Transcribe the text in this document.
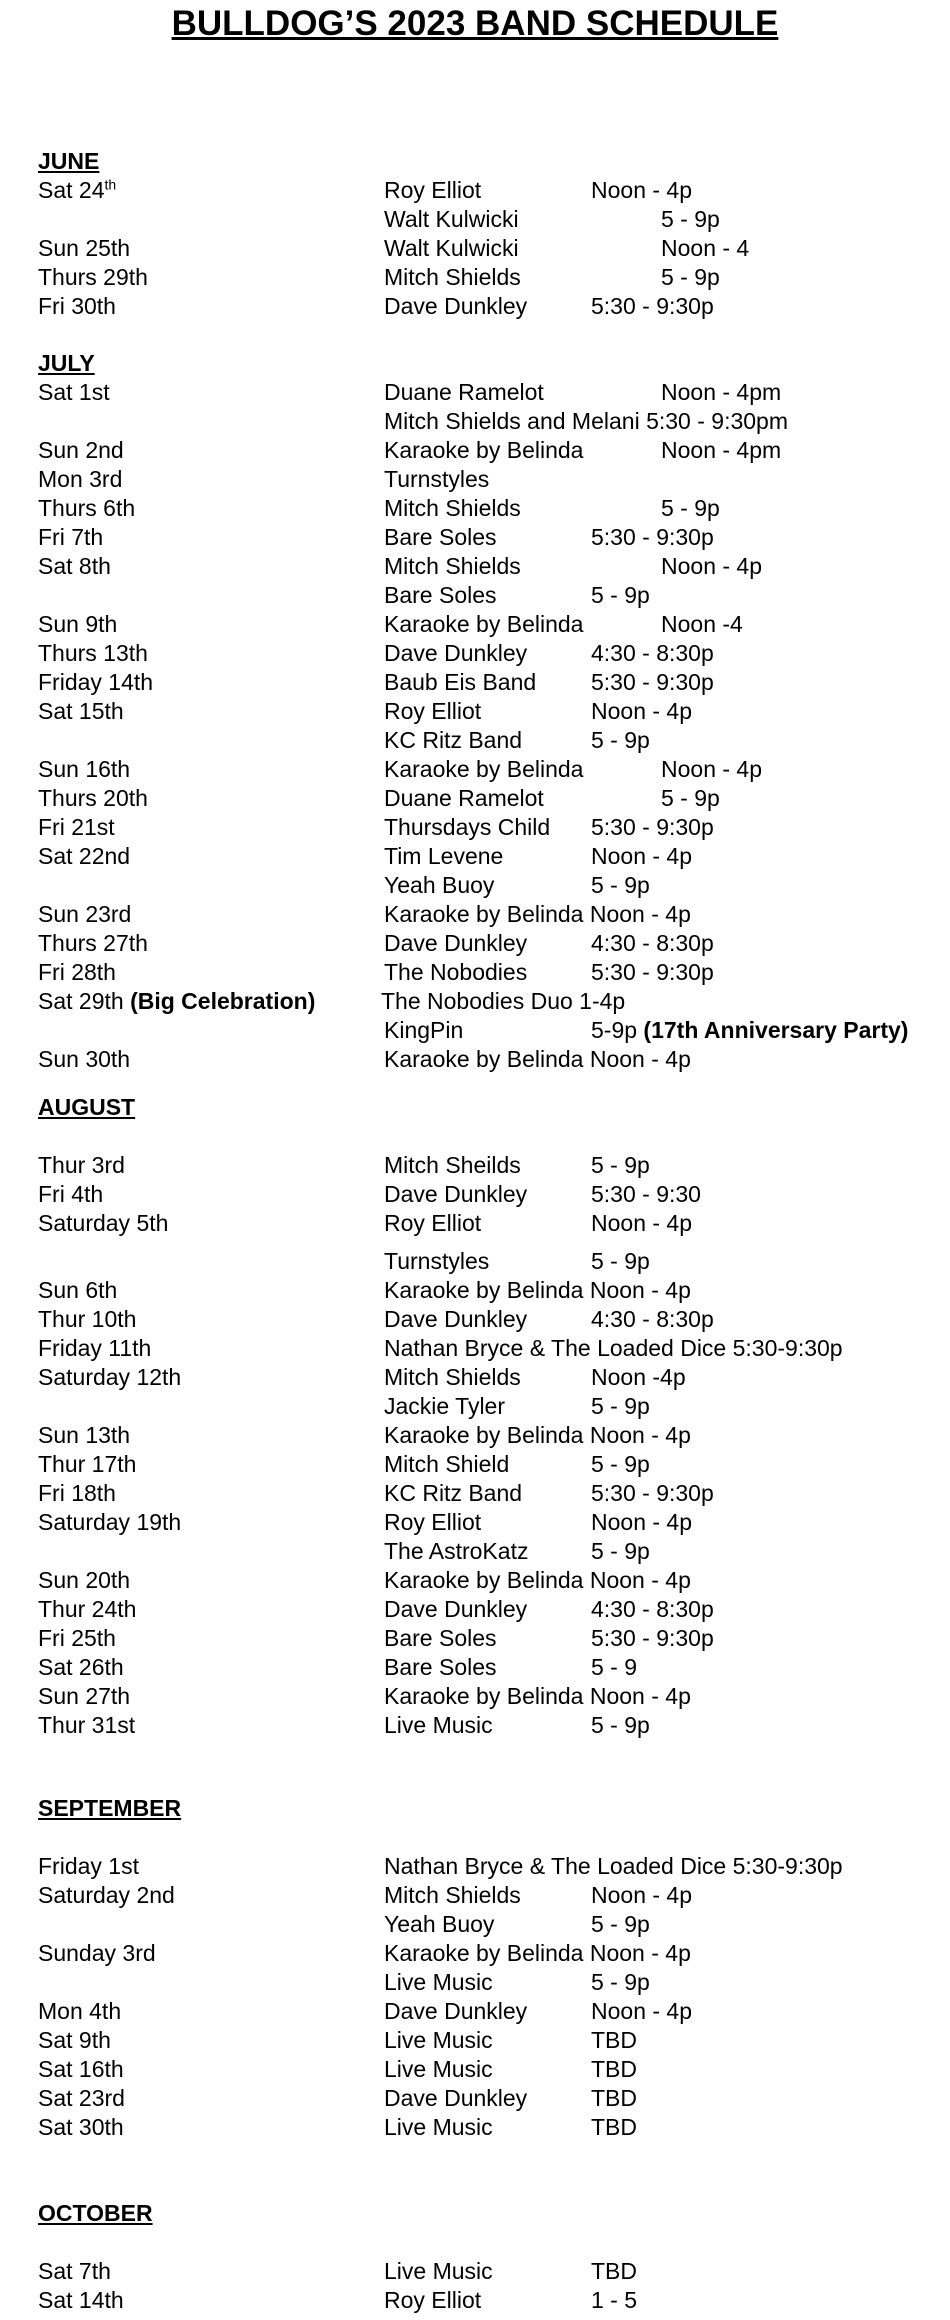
BULLDOG’S 2023 BAND SCHEDULE
JUNE
Sat 24th	Roy Elliot	Noon - 4p
Walt Kulwicki	5 - 9p
Sun 25th	Walt Kulwicki	Noon - 4
Thurs 29th	Mitch Shields	5 - 9p
Fri 30th	Dave Dunkley	5:30 - 9:30p
JULY
Sat 1st	Duane Ramelot	Noon - 4pm
Mitch Shields and Melani 5:30 - 9:30pm
Sun 2nd	Karaoke by Belinda	Noon - 4pm
Mon 3rd	Turnstyles
Thurs 6th	Mitch Shields	5 - 9p
Fri 7th	Bare Soles	5:30 - 9:30p
Sat 8th	Mitch Shields	Noon - 4p
Bare Soles	5 - 9p
Sun 9th	Karaoke by Belinda	Noon -4
Thurs 13th	Dave Dunkley	4:30 - 8:30p
Friday 14th	Baub Eis Band 5:30 - 9:30p
Sat 15th	Roy Elliot	Noon - 4p
KC Ritz Band	5 - 9p
Sun 16th	Karaoke by Belinda	Noon - 4p
Thurs 20th	Duane Ramelot	5 - 9p
Fri 21st	Thursdays Child 5:30 - 9:30p
Sat 22nd	Tim Levene	Noon - 4p
Yeah Buoy	5 - 9p
Sun 23rd	Karaoke by Belinda Noon - 4p
Thurs 27th	Dave Dunkley	4:30 - 8:30p
Fri 28th	The Nobodies	5:30 - 9:30p
Sat 29th (Big Celebration)	The Nobodies Duo 1-4p
KingPin	5-9p (17th Anniversary Party)
Sun 30th	Karaoke by Belinda Noon - 4p
AUGUST
Thur 3rd	Mitch Sheilds	5 - 9p
Fri 4th	Dave Dunkley	5:30 - 9:30
Saturday 5th	Roy Elliot	Noon - 4p
Turnstyles	5 - 9p
Sun 6th	Karaoke by Belinda Noon - 4p
Thur 10th	Dave Dunkley	4:30 - 8:30p
Friday 11th	Nathan Bryce & The Loaded Dice 5:30-9:30p
Saturday 12th	Mitch Shields	Noon -4p
Jackie Tyler	5 - 9p
Sun 13th	Karaoke by Belinda Noon - 4p
Thur 17th	Mitch Shield	5 - 9p
Fri 18th	KC Ritz Band	5:30 - 9:30p
Saturday 19th	Roy Elliot	Noon - 4p
The AstroKatz	5 - 9p
Sun 20th	Karaoke by Belinda Noon - 4p
Thur 24th	Dave Dunkley	4:30 - 8:30p
Fri 25th	Bare Soles	5:30 - 9:30p
Sat 26th	Bare Soles	5 - 9
Sun 27th	Karaoke by Belinda Noon - 4p
Thur 31st	Live Music	5 - 9p
SEPTEMBER
Friday 1st	Nathan Bryce & The Loaded Dice 5:30-9:30p
Saturday 2nd	Mitch Shields	Noon - 4p
Yeah Buoy	5 - 9p
Sunday 3rd	Karaoke by Belinda Noon - 4p
Live Music	5 - 9p
Mon 4th	Dave Dunkley	Noon - 4p
Sat 9th	Live Music	TBD
Sat 16th	Live Music	TBD
Sat 23rd	Dave Dunkley	TBD
Sat 30th	Live Music	TBD
OCTOBER
Sat 7th	Live Music	TBD
Sat 14th	Roy Elliot	1 - 5
